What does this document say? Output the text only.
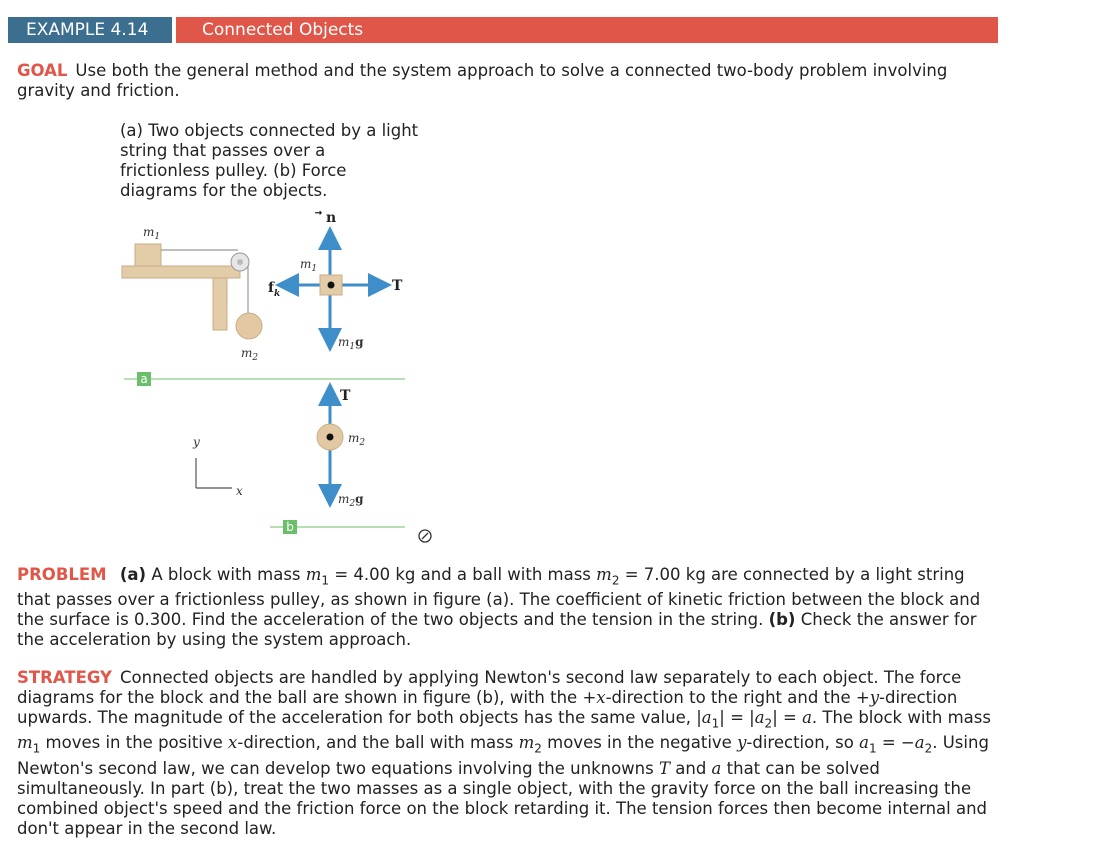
EXAMPLE 4.14	Connected Objects
GOAL Use both the general method and the system approach to solve a connected two-body problem involving gravity and friction.
(a) Two objects connected by a light string that passes over a frictionless pulley. (b) Force diagrams for the objects.
$m_1$
$m_2$
a
n
T
$f_k$
$m_1$
$m_1g$
T
$m_2$
$m_2g$
y
x
b
PROBLEM (a) A block with mass $m_1 = 4.00$ kg and a ball with mass $m_2 = 7.00$ kg are connected by a light string that passes over a frictionless pulley, as shown in figure (a). The coefficient of kinetic friction between the block and the surface is 0.300. Find the acceleration of the two objects and the tension in the string. (b) Check the answer for the acceleration by using the system approach.
STRATEGY Connected objects are handled by applying Newton's second law separately to each object. The force diagrams for the block and the ball are shown in figure (b), with the +x-direction to the right and the +y-direction upwards. The magnitude of the acceleration for both objects has the same value, $|a_1| = |a_2| = a$. The block with mass $m_1$ moves in the positive x-direction, and the ball with mass $m_2$ moves in the negative y-direction, so $a_1 = -a_2$. Using Newton's second law, we can develop two equations involving the unknowns T and a that can be solved simultaneously. In part (b), treat the two masses as a single object, with the gravity force on the ball increasing the combined object's speed and the friction force on the block retarding it. The tension forces then become internal and don't appear in the second law.
